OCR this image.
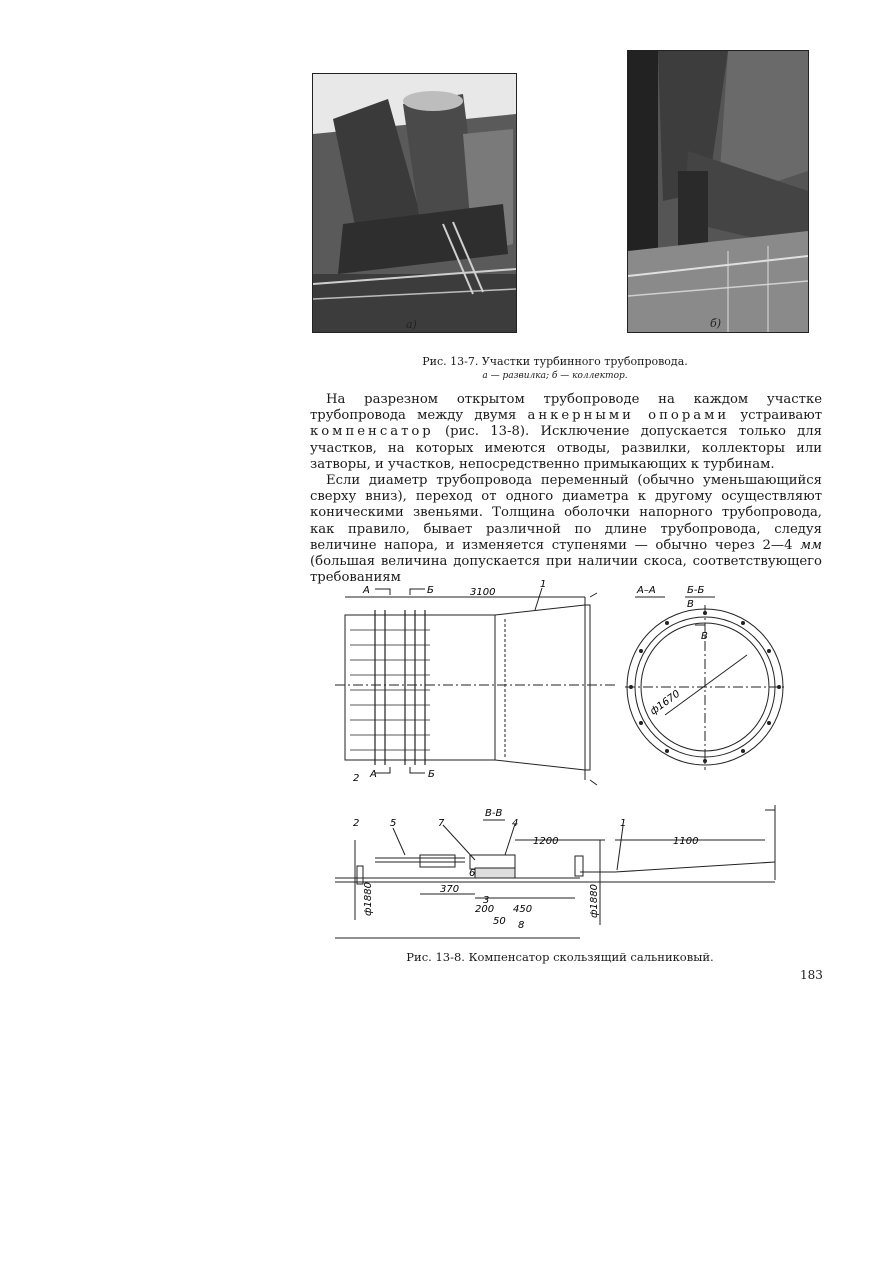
а)	б)
Рис. 13-7. Участки турбинного трубопровода.
а — развилка; б — коллектор.

На разрезном открытом трубопроводе на каждом участке трубопровода между двумя анкерными опорами устраивают компенсатор (рис. 13-8). Исключение допускается только для участков, на которых имеются отводы, развилки, коллекторы или затворы, и участков, непосредственно примыкающих к турбинам.

Если диаметр трубопровода переменный (обычно уменьшающийся сверху вниз), переход от одного диаметра к другому осуществляют коническими звеньями. Толщина оболочки напорного трубопровода, как правило, бывает различной по длине трубопровода, следуя величине напора, и изменяется ступенями — обычно через 2—4 мм (большая величина допускается при наличии скоса, соответствующего требованиям

3100
1
2
А	Б
А	Б
А–А	Б-Б
В
В
ф1670
В-В
1200	1100
370
200 450
50
ф1880	ф1880
2	5	7	4	1
6
3
8
Рис. 13-8. Компенсатор скользящий сальниковый.
183
